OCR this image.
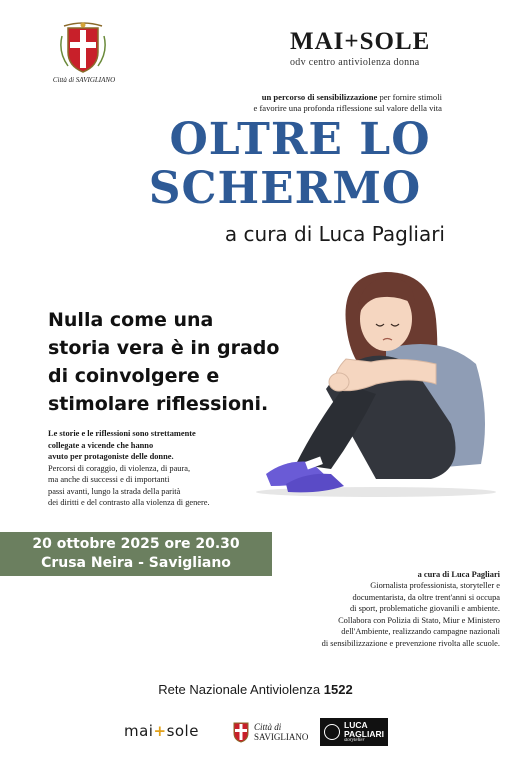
Città di SAVIGLIANO
MAI+SOLE
odv centro antiviolenza donna
un percorso di sensibilizzazione per fornire stimoli
e favorire una profonda riflessione sul valore della vita
OLTRE LO
SCHERMO
a cura di Luca Pagliari
Nulla come una
storia vera è in grado
di coinvolgere e
stimolare riflessioni.
Le storie e le riflessioni sono strettamente
collegate a vicende che hanno
avuto per protagoniste delle donne.
Percorsi di coraggio, di violenza, di paura,
ma anche di successi e di importanti
passi avanti, lungo la strada della parità
dei diritti e del contrasto alla violenza di genere.
20 ottobre 2025 ore 20.30
Crusa Neira - Savigliano
a cura di Luca Pagliari
Giornalista professionista, storyteller e
documentarista, da oltre trent'anni si occupa
di sport, problematiche giovanili e ambiente.
Collabora con Polizia di Stato, Miur e Ministero
dell'Ambiente, realizzando campagne nazionali
di sensibilizzazione e prevenzione rivolta alle scuole.
Rete Nazionale Antiviolenza 1522
mai+sole	Città di
SAVIGLIANO
LUCA
PAGLIARI
storyteller
